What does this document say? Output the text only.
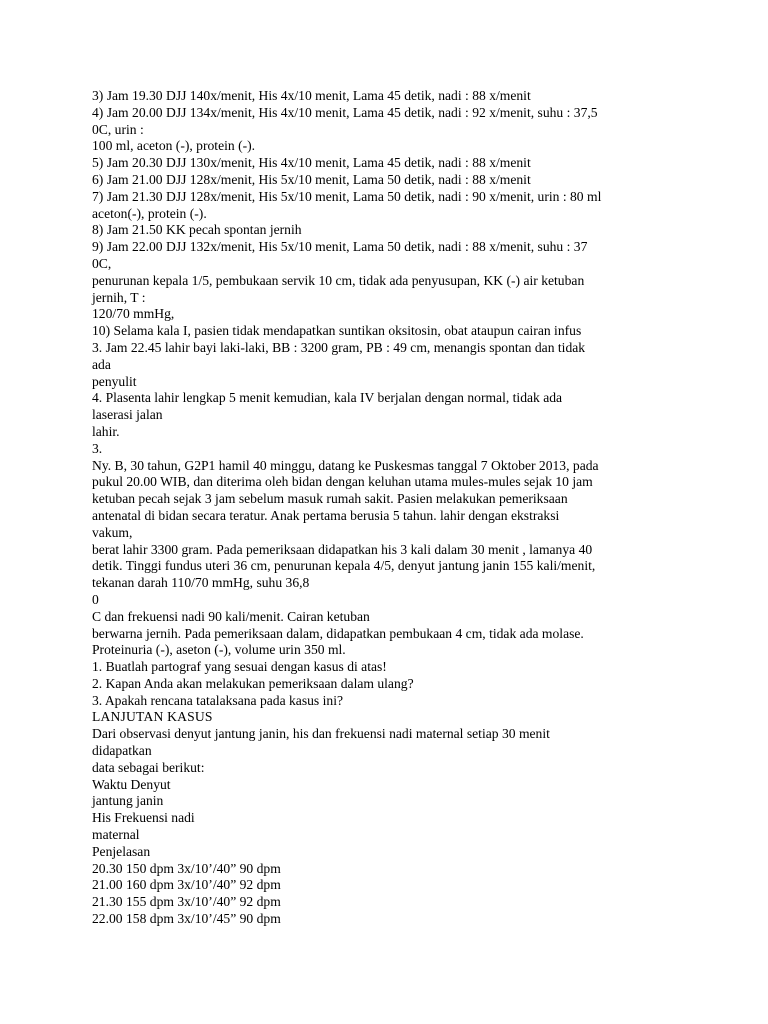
3) Jam 19.30 DJJ 140x/menit, His 4x/10 menit, Lama 45 detik, nadi : 88 x/menit
4) Jam 20.00 DJJ 134x/menit, His 4x/10 menit, Lama 45 detik, nadi : 92 x/menit, suhu : 37,5
0C, urin :
100 ml, aceton (-), protein (-).
5) Jam 20.30 DJJ 130x/menit, His 4x/10 menit, Lama 45 detik, nadi : 88 x/menit
6) Jam 21.00 DJJ 128x/menit, His 5x/10 menit, Lama 50 detik, nadi : 88 x/menit
7) Jam 21.30 DJJ 128x/menit, His 5x/10 menit, Lama 50 detik, nadi : 90 x/menit, urin : 80 ml
aceton(-), protein (-).
8) Jam 21.50 KK pecah spontan jernih
9) Jam 22.00 DJJ 132x/menit, His 5x/10 menit, Lama 50 detik, nadi : 88 x/menit, suhu : 37
0C,
penurunan kepala 1/5, pembukaan servik 10 cm, tidak ada penyusupan, KK (-) air ketuban
jernih, T :
120/70 mmHg,
10) Selama kala I, pasien tidak mendapatkan suntikan oksitosin, obat ataupun cairan infus
3. Jam 22.45 lahir bayi laki-laki, BB : 3200 gram, PB : 49 cm, menangis spontan dan tidak
ada
penyulit
4. Plasenta lahir lengkap 5 menit kemudian, kala IV berjalan dengan normal, tidak ada
laserasi jalan
lahir.
3.
Ny. B, 30 tahun, G2P1 hamil 40 minggu, datang ke Puskesmas tanggal 7 Oktober 2013, pada
pukul 20.00 WIB, dan diterima oleh bidan dengan keluhan utama mules-mules sejak 10 jam
ketuban pecah sejak 3 jam sebelum masuk rumah sakit. Pasien melakukan pemeriksaan
antenatal di bidan secara teratur. Anak pertama berusia 5 tahun. lahir dengan ekstraksi
vakum,
berat lahir 3300 gram. Pada pemeriksaan didapatkan his 3 kali dalam 30 menit , lamanya 40
detik. Tinggi fundus uteri 36 cm, penurunan kepala 4/5, denyut jantung janin 155 kali/menit,
tekanan darah 110/70 mmHg, suhu 36,8
0
C dan frekuensi nadi 90 kali/menit. Cairan ketuban
berwarna jernih. Pada pemeriksaan dalam, didapatkan pembukaan 4 cm, tidak ada molase.
Proteinuria (-), aseton (-), volume urin 350 ml.
1. Buatlah partograf yang sesuai dengan kasus di atas!
2. Kapan Anda akan melakukan pemeriksaan dalam ulang?
3. Apakah rencana tatalaksana pada kasus ini?
LANJUTAN KASUS
Dari observasi denyut jantung janin, his dan frekuensi nadi maternal setiap 30 menit
didapatkan
data sebagai berikut:
Waktu Denyut
jantung janin
His Frekuensi nadi
maternal
Penjelasan
20.30 150 dpm 3x/10’/40” 90 dpm
21.00 160 dpm 3x/10’/40” 92 dpm
21.30 155 dpm 3x/10’/40” 92 dpm
22.00 158 dpm 3x/10’/45” 90 dpm
